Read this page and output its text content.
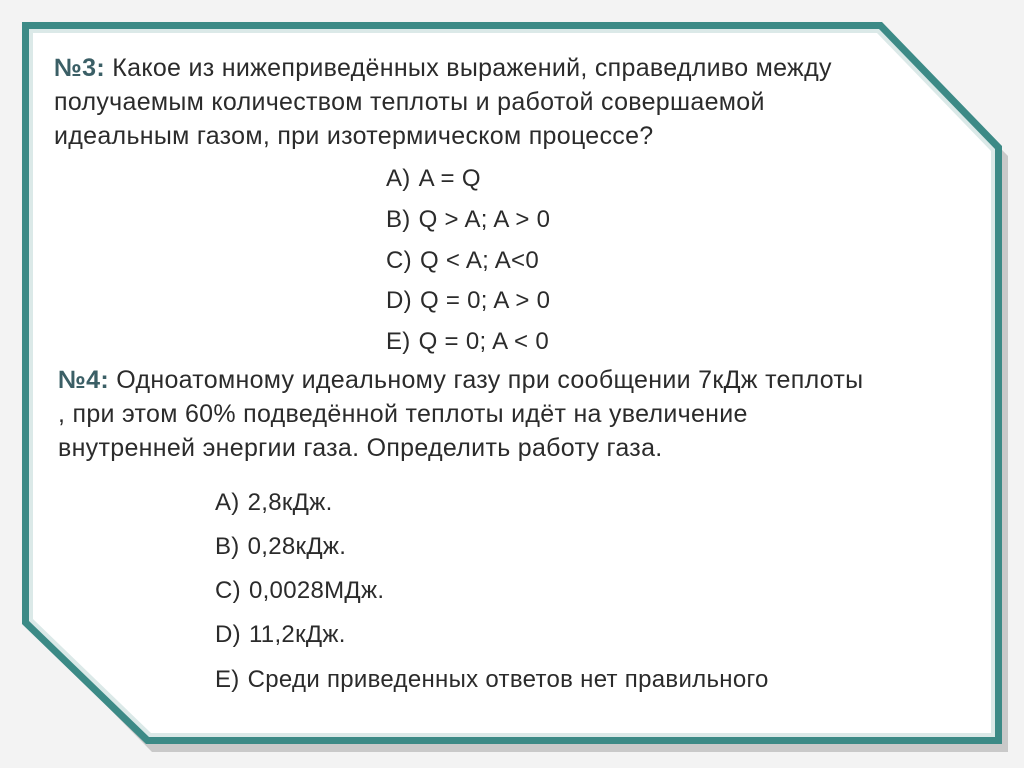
№3: Какое из нижеприведённых выражений, справедливо между
получаемым количеством теплоты и работой совершаемой
идеальным газом, при изотермическом процессе?
A) A = Q
B) Q > A; A > 0
C) Q < A; A<0
D) Q = 0; A > 0
E) Q = 0; A < 0
№4: Одноатомному идеальному газу при сообщении 7кДж теплоты
, при этом 60% подведённой теплоты идёт на увеличение
внутренней энергии газа. Определить работу газа.
A) 2,8кДж.
B) 0,28кДж.
C) 0,0028МДж.
D) 11,2кДж.
E) Среди приведенных ответов нет правильного
